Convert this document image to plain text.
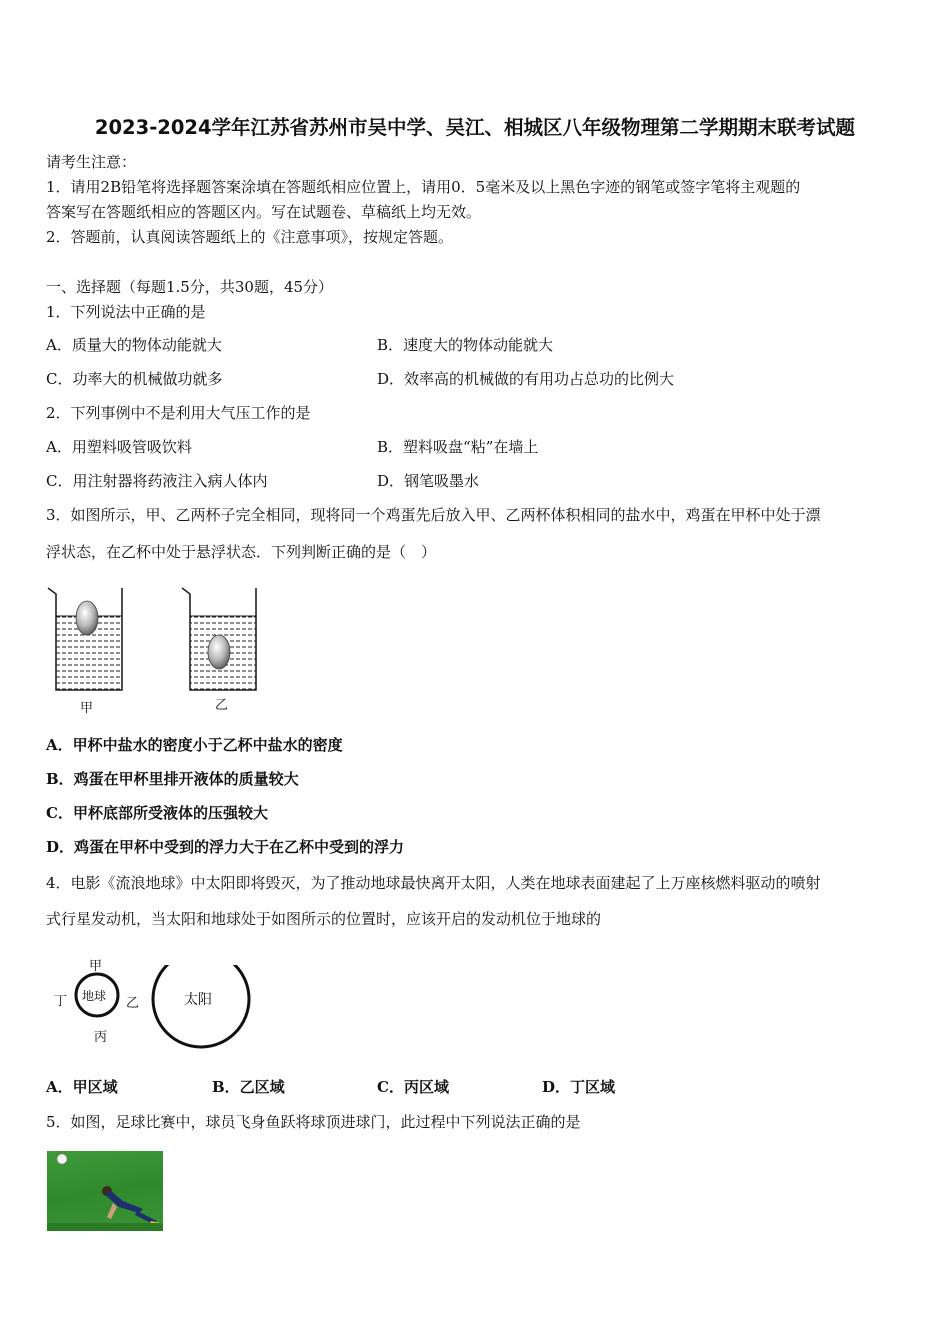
2023-2024学年江苏省苏州市吴中学、吴江、相城区八年级物理第二学期期末联考试题
请考生注意：
1．请用2B铅笔将选择题答案涂填在答题纸相应位置上，请用0．5毫米及以上黑色字迹的钢笔或签字笔将主观题的
答案写在答题纸相应的答题区内。写在试题卷、草稿纸上均无效。
2．答题前，认真阅读答题纸上的《注意事项》，按规定答题。
一、选择题（每题1.5分，共30题，45分）
1．下列说法中正确的是
A．质量大的物体动能就大	B．速度大的物体动能就大
C．功率大的机械做功就多	D．效率高的机械做的有用功占总功的比例大
2．下列事例中不是利用大气压工作的是
A．用塑料吸管吸饮料	B．塑料吸盘“粘”在墙上
C．用注射器将药液注入病人体内	D．钢笔吸墨水
3．如图所示，甲、乙两杯子完全相同，现将同一个鸡蛋先后放入甲、乙两杯体积相同的盐水中，鸡蛋在甲杯中处于漂
浮状态，在乙杯中处于悬浮状态．下列判断正确的是（　）
甲	乙
A．甲杯中盐水的密度小于乙杯中盐水的密度
B．鸡蛋在甲杯里排开液体的质量较大
C．甲杯底部所受液体的压强较大
D．鸡蛋在甲杯中受到的浮力大于在乙杯中受到的浮力
4．电影《流浪地球》中太阳即将毁灭，为了推动地球最快离开太阳，人类在地球表面建起了上万座核燃料驱动的喷射
式行星发动机，当太阳和地球处于如图所示的位置时，应该开启的发动机位于地球的
地球	太阳
甲
丙
丁	乙
A．甲区域	B．乙区域	C．丙区域	D．丁区域
5．如图，足球比赛中，球员飞身鱼跃将球顶进球门，此过程中下列说法正确的是
